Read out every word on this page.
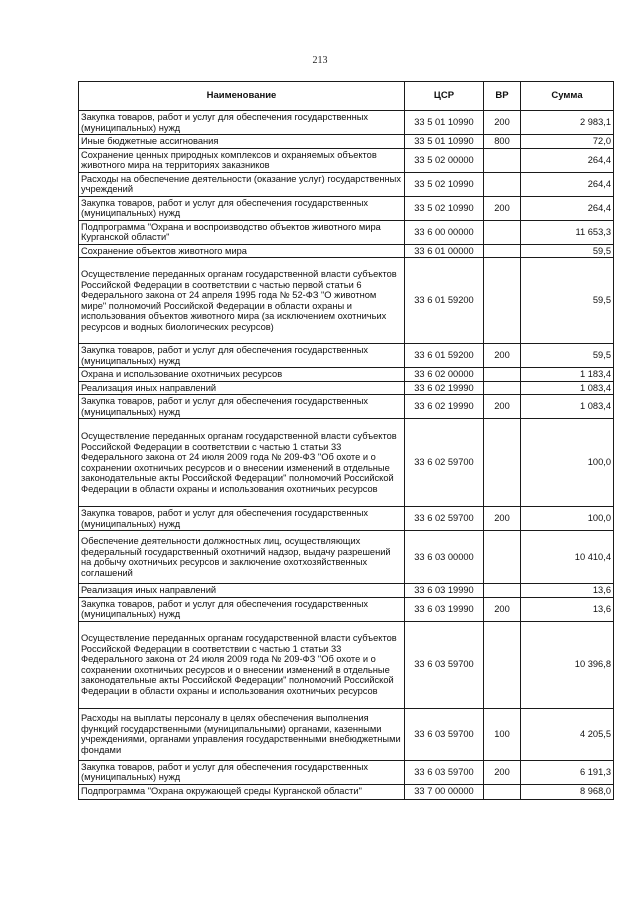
213
Наименование	ЦСР	ВР	Сумма
Закупка товаров, работ и услуг для обеспечения государственных (муниципальных) нужд	33 5 01 10990	200	2 983,1
Иные бюджетные ассигнования	33 5 01 10990	800	72,0
Сохранение ценных природных комплексов и охраняемых объектов животного мира на территориях заказников	33 5 02 00000		264,4
Расходы на обеспечение деятельности (оказание услуг) государственных учреждений	33 5 02 10990		264,4
Закупка товаров, работ и услуг для обеспечения государственных (муниципальных) нужд	33 5 02 10990	200	264,4
Подпрограмма "Охрана и воспроизводство объектов животного мира Курганской области"	33 6 00 00000		11 653,3
Сохранение объектов животного мира	33 6 01 00000		59,5
Осуществление переданных органам государственной власти субъектов Российской Федерации в соответствии с частью первой статьи 6 Федерального закона от 24 апреля 1995 года № 52-ФЗ "О животном мире" полномочий Российской Федерации в области охраны и использования объектов животного мира (за исключением охотничьих ресурсов и водных биологических ресурсов)	33 6 01 59200		59,5
Закупка товаров, работ и услуг для обеспечения государственных (муниципальных) нужд	33 6 01 59200	200	59,5
Охрана и использование охотничьих ресурсов	33 6 02 00000		1 183,4
Реализация иных направлений	33 6 02 19990		1 083,4
Закупка товаров, работ и услуг для обеспечения государственных (муниципальных) нужд	33 6 02 19990	200	1 083,4
Осуществление переданных органам государственной власти субъектов Российской Федерации в соответствии с частью 1 статьи 33 Федерального закона от 24 июля 2009 года № 209-ФЗ "Об охоте и о сохранении охотничьих ресурсов и о внесении изменений в отдельные законодательные акты Российской Федерации" полномочий Российской Федерации в области охраны и использования охотничьих ресурсов	33 6 02 59700		100,0
Закупка товаров, работ и услуг для обеспечения государственных (муниципальных) нужд	33 6 02 59700	200	100,0
Обеспечение деятельности должностных лиц, осуществляющих федеральный государственный охотничий надзор, выдачу разрешений на добычу охотничьих ресурсов и заключение охотхозяйственных соглашений	33 6 03 00000		10 410,4
Реализация иных направлений	33 6 03 19990		13,6
Закупка товаров, работ и услуг для обеспечения государственных (муниципальных) нужд	33 6 03 19990	200	13,6
Осуществление переданных органам государственной власти субъектов Российской Федерации в соответствии с частью 1 статьи 33 Федерального закона от 24 июля 2009 года № 209-ФЗ "Об охоте и о сохранении охотничьих ресурсов и о внесении изменений в отдельные законодательные акты Российской Федерации" полномочий Российской Федерации в области охраны и использования охотничьих ресурсов	33 6 03 59700		10 396,8
Расходы на выплаты персоналу в целях обеспечения выполнения функций государственными (муниципальными) органами, казенными учреждениями, органами управления государственными внебюджетными фондами	33 6 03 59700	100	4 205,5
Закупка товаров, работ и услуг для обеспечения государственных (муниципальных) нужд	33 6 03 59700	200	6 191,3
Подпрограмма "Охрана окружающей среды Курганской области"	33 7 00 00000		8 968,0
